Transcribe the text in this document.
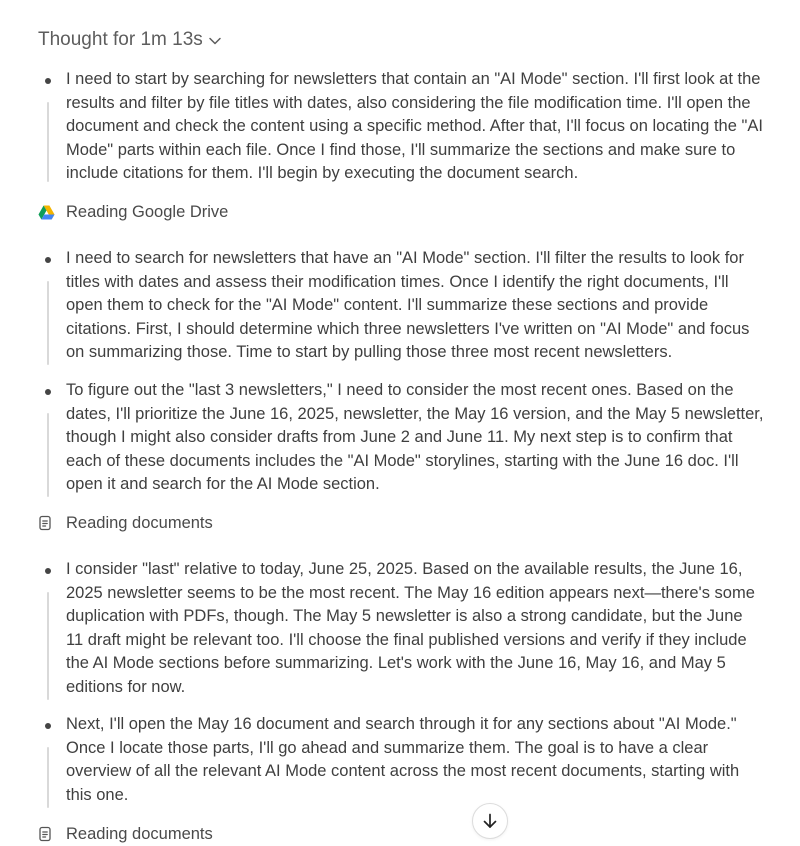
Thought for 1m 13s

I need to start by searching for newsletters that contain an "AI Mode" section. I'll first look at the results and filter by file titles with dates, also considering the file modification time. I'll open the document and check the content using a specific method. After that, I'll focus on locating the "AI Mode" parts within each file. Once I find those, I'll summarize the sections and make sure to include citations for them. I'll begin by executing the document search.

Reading Google Drive

I need to search for newsletters that have an "AI Mode" section. I'll filter the results to look for titles with dates and assess their modification times. Once I identify the right documents, I'll open them to check for the "AI Mode" content. I'll summarize these sections and provide citations. First, I should determine which three newsletters I've written on "AI Mode" and focus on summarizing those. Time to start by pulling those three most recent newsletters.

To figure out the "last 3 newsletters," I need to consider the most recent ones. Based on the dates, I'll prioritize the June 16, 2025, newsletter, the May 16 version, and the May 5 newsletter, though I might also consider drafts from June 2 and June 11. My next step is to confirm that each of these documents includes the "AI Mode" storylines, starting with the June 16 doc. I'll open it and search for the AI Mode section.

Reading documents

I consider "last" relative to today, June 25, 2025. Based on the available results, the June 16, 2025 newsletter seems to be the most recent. The May 16 edition appears next—there's some duplication with PDFs, though. The May 5 newsletter is also a strong candidate, but the June 11 draft might be relevant too. I'll choose the final published versions and verify if they include the AI Mode sections before summarizing. Let's work with the June 16, May 16, and May 5 editions for now.

Next, I'll open the May 16 document and search through it for any sections about "AI Mode." Once I locate those parts, I'll go ahead and summarize them. The goal is to have a clear overview of all the relevant AI Mode content across the most recent documents, starting with this one.

Reading documents
